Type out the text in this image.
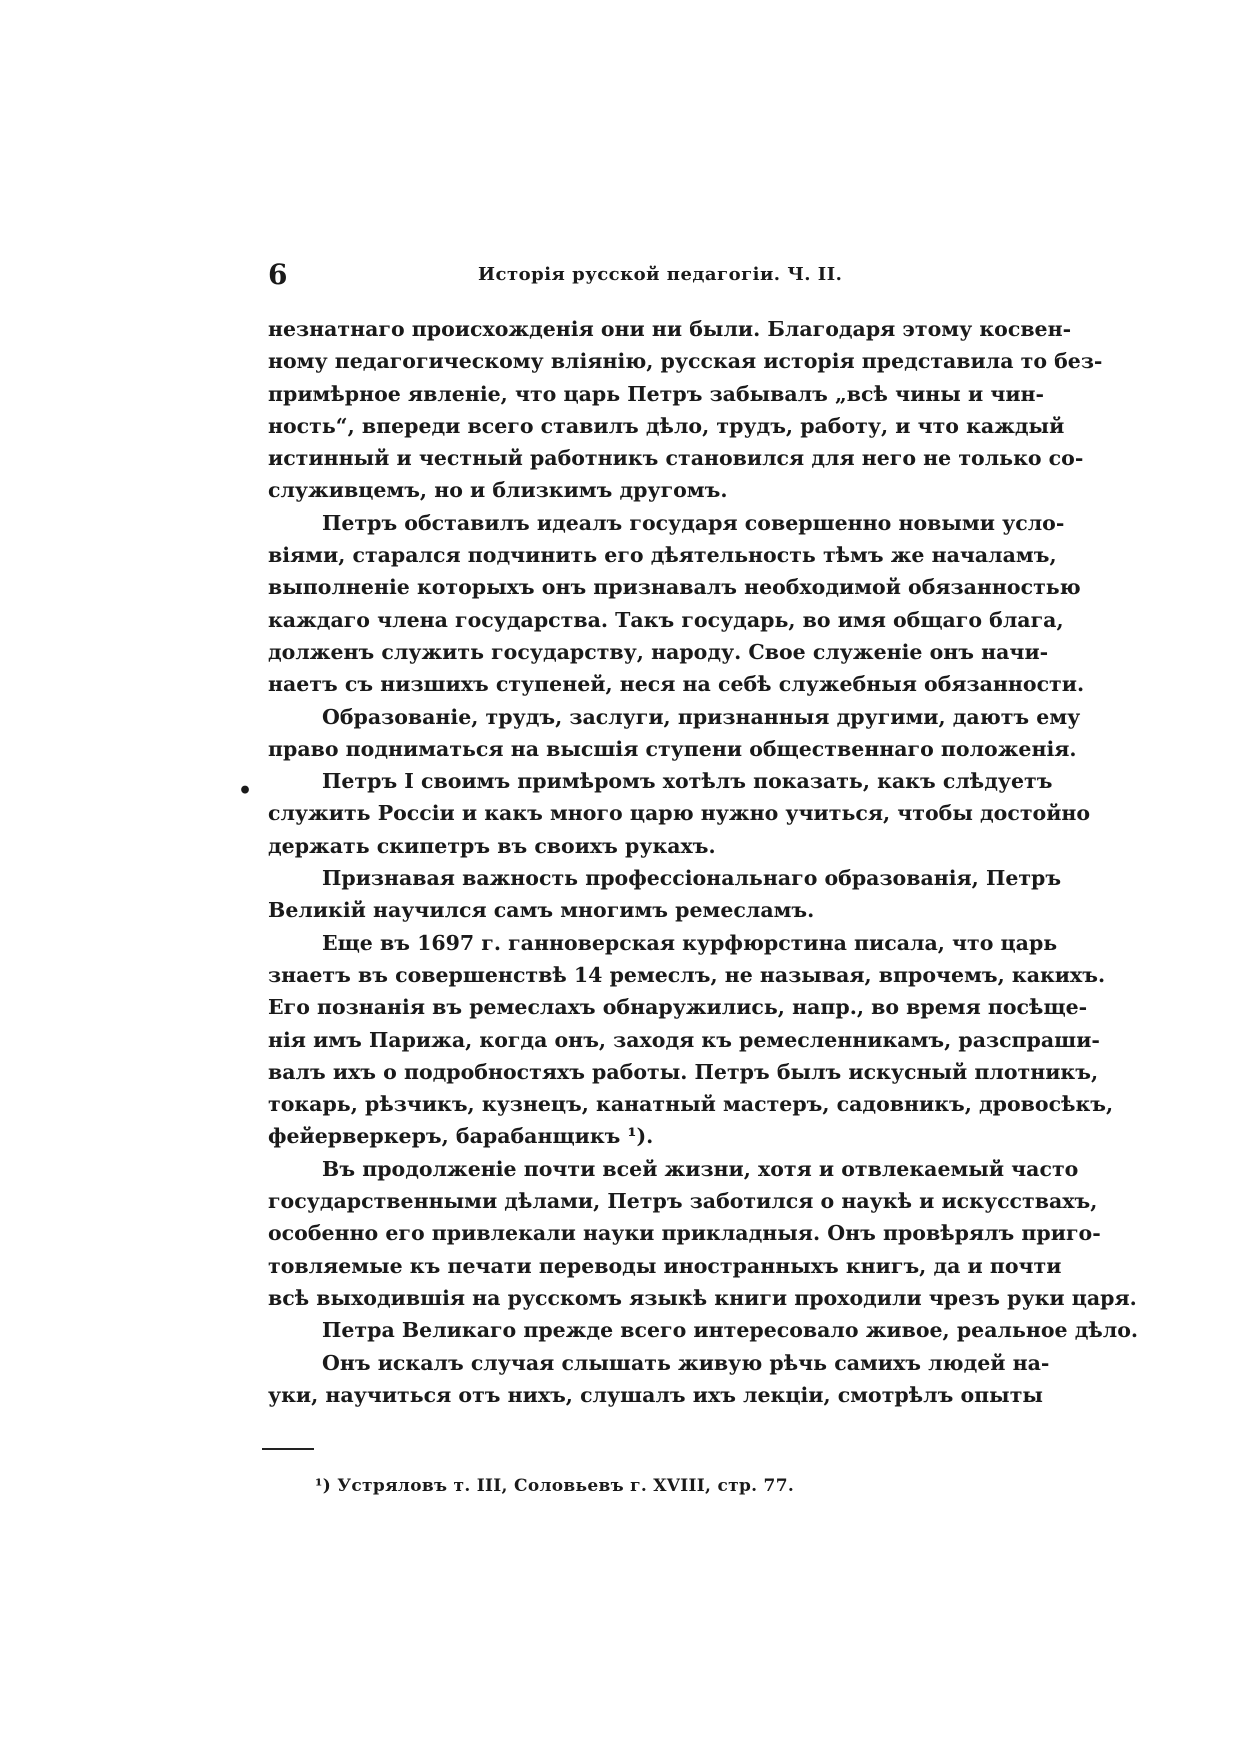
6	Исторія русской педагогіи. Ч. II.
незнатнаго происхожденія они ни были. Благодаря этому косвен-
ному педагогическому вліянію, русская исторія представила то без-
примѣрное явленіе, что царь Петръ забывалъ „всѣ чины и чин-
ность“, впереди всего ставилъ дѣло, трудъ, работу, и что каждый
истинный и честный работникъ становился для него не только со-
служивцемъ, но и близкимъ другомъ.
Петръ обставилъ идеалъ государя совершенно новыми усло-
віями, старался подчинить его дѣятельность тѣмъ же началамъ,
выполненіе которыхъ онъ признавалъ необходимой обязанностью
каждаго члена государства. Такъ государь, во имя общаго блага,
долженъ служить государству, народу. Свое служеніе онъ начи-
наетъ съ низшихъ ступеней, неся на себѣ служебныя обязанности.
Образованіе, трудъ, заслуги, признанныя другими, даютъ ему
право подниматься на высшія ступени общественнаго положенія.
Петръ I своимъ примѣромъ хотѣлъ показать, какъ слѣдуетъ
служить Россіи и какъ много царю нужно учиться, чтобы достойно
держать скипетръ въ своихъ рукахъ.
Признавая важность профессіональнаго образованія, Петръ
Великій научился самъ многимъ ремесламъ.
Еще въ 1697 г. ганноверская курфюрстина писала, что царь
знаетъ въ совершенствѣ 14 ремеслъ, не называя, впрочемъ, какихъ.
Его познанія въ ремеслахъ обнаружились, напр., во время посѣще-
нія имъ Парижа, когда онъ, заходя къ ремесленникамъ, разспраши-
валъ ихъ о подробностяхъ работы. Петръ былъ искусный плотникъ,
токарь, рѣзчикъ, кузнецъ, канатный мастеръ, садовникъ, дровосѣкъ,
фейерверкеръ, барабанщикъ ¹).
Въ продолженіе почти всей жизни, хотя и отвлекаемый часто
государственными дѣлами, Петръ заботился о наукѣ и искусствахъ,
особенно его привлекали науки прикладныя. Онъ провѣрялъ приго-
товляемые къ печати переводы иностранныхъ книгъ, да и почти
всѣ выходившія на русскомъ языкѣ книги проходили чрезъ руки царя.
Петра Великаго прежде всего интересовало живое, реальное дѣло.
Онъ искалъ случая слышать живую рѣчь самихъ людей на-
уки, научиться отъ нихъ, слушалъ ихъ лекціи, смотрѣлъ опыты
•
¹) Устряловъ т. III, Соловьевъ г. XVIII, стр. 77.
